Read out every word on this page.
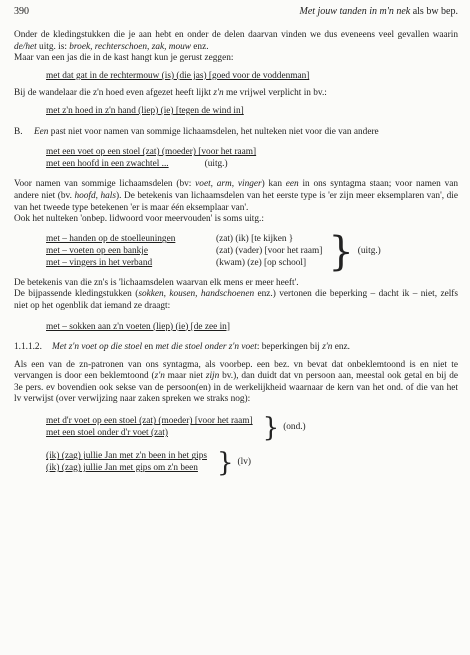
390	Met jouw tanden in m'n nek als bw bep.

Onder de kledingstukken die je aan hebt en onder de delen daarvan vinden we dus eveneens veel gevallen waarin de/het uitg. is: broek, rechterschoen, zak, mouw enz.
Maar van een jas die in de kast hangt kun je gerust zeggen:

met dat gat in de rechtermouw (is) (die jas) [goed voor de voddenman]

Bij de wandelaar die z'n hoed even afgezet heeft lijkt z'n me vrijwel verplicht in bv.:

met z'n hoed in z'n hand (liep) (ie) [tegen de wind in]

B.	Een past niet voor namen van sommige lichaamsdelen, het nulteken niet voor die van andere
met een voet op een stoel (zat) (moeder) [voor het raam]
met een hoofd in een zwachtel ...	(uitg.)

Voor namen van sommige lichaamsdelen (bv: voet, arm, vinger) kan een in ons syntagma staan; voor namen van andere niet (bv. hoofd, hals). De betekenis van lichaamsdelen van het eerste type is 'er zijn meer eksemplaren van', die van het tweede type betekenen 'er is maar één eksemplaar van'.

Ook het nulteken 'onbep. lidwoord voor meervouden' is soms uitg.:

met – handen op de stoelleuningen	(zat) (ik) [te kijken }
met – voeten op een bankje	(zat) (vader) [voor het raam]
met – vingers in het verband	(kwam) (ze) [op school] } (uitg.)

De betekenis van die zn's is 'lichaamsdelen waarvan elk mens er meer heeft'.

De bijpassende kledingstukken (sokken, kousen, handschoenen enz.) vertonen die beperking – dacht ik – niet, zelfs niet op het ogenblik dat iemand ze draagt:

met – sokken aan z'n voeten (liep) (ie) [de zee in]

1.1.1.2.	Met z'n voet op die stoel en met die stoel onder z'n voet: beperkingen bij z'n enz.

Als een van de zn-patronen van ons syntagma, als voorbep. een bez. vn bevat dat onbeklemtoond is en niet te vervangen is door een beklemtoond (z'n maar niet zijn bv.), dan duidt dat vn persoon aan, meestal ook getal en bij de 3e pers. ev bovendien ook sekse van de persoon(en) in de werkelijkheid waarnaar de kern van het ond. of die van het lv verwijst (over verwijzing naar zaken spreken we straks nog):

met d'r voet op een stoel (zat) (moeder) [voor het raam]
met een stoel onder d'r voet (zat)	} (ond.)
(ik) (zag) jullie Jan met z'n been in het gips
(ik) (zag) jullie Jan met gips om z'n been } (lv)
